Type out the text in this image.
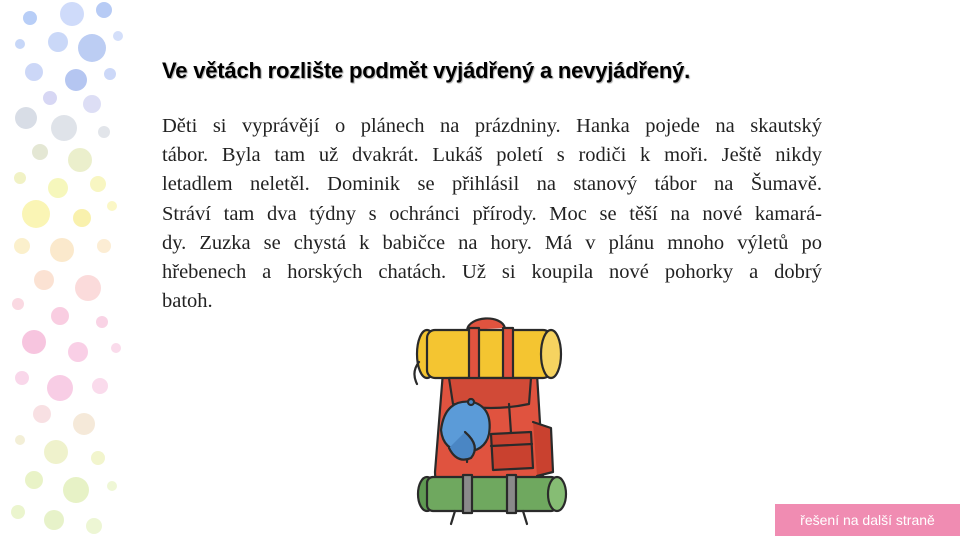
Ve větách rozlište podmět vyjádřený a nevyjádřený.
Děti si vyprávějí o plánech na prázdniny. Hanka pojede na skautský
tábor. Byla tam už dvakrát. Lukáš poletí s rodiči k moři. Ještě nikdy
letadlem neletěl. Dominik se přihlásil na stanový tábor na Šumavě.
Stráví tam dva týdny s ochránci přírody. Moc se těší na nové kamará-
dy. Zuzka se chystá k babičce na hory. Má v plánu mnoho výletů po
hřebenech a horských chatách. Už si koupila nové pohorky a dobrý
batoh.
řešení na další straně
